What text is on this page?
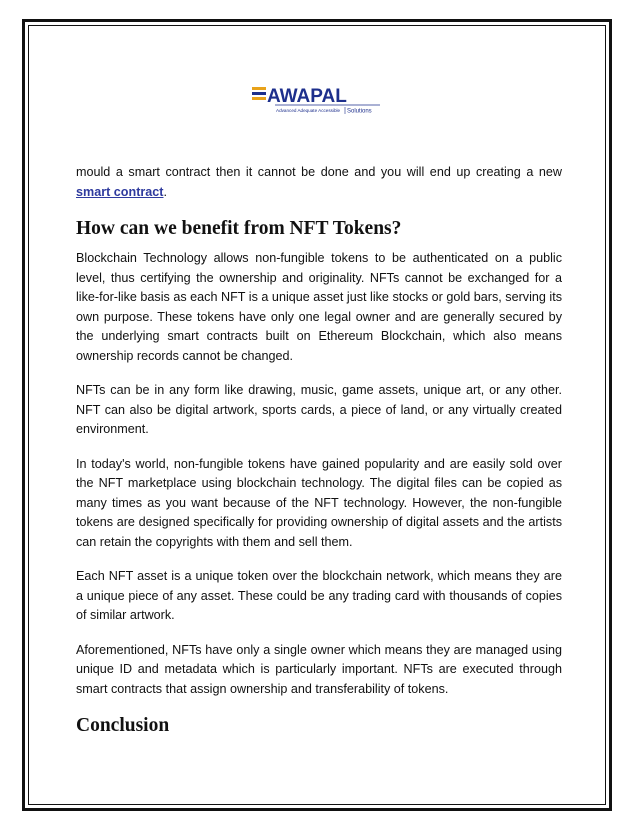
AWAPAL
Advanced Adequate Accessible Solutions

mould a smart contract then it cannot be done and you will end up creating a new smart contract.

How can we benefit from NFT Tokens?

Blockchain Technology allows non-fungible tokens to be authenticated on a public level, thus certifying the ownership and originality. NFTs cannot be exchanged for a like-for-like basis as each NFT is a unique asset just like stocks or gold bars, serving its own purpose. These tokens have only one legal owner and are generally secured by the underlying smart contracts built on Ethereum Blockchain, which also means ownership records cannot be changed.

NFTs can be in any form like drawing, music, game assets, unique art, or any other. NFT can also be digital artwork, sports cards, a piece of land, or any virtually created environment.

In today's world, non-fungible tokens have gained popularity and are easily sold over the NFT marketplace using blockchain technology. The digital files can be copied as many times as you want because of the NFT technology. However, the non-fungible tokens are designed specifically for providing ownership of digital assets and the artists can retain the copyrights with them and sell them.

Each NFT asset is a unique token over the blockchain network, which means they are a unique piece of any asset. These could be any trading card with thousands of copies of similar artwork.

Aforementioned, NFTs have only a single owner which means they are managed using unique ID and metadata which is particularly important. NFTs are executed through smart contracts that assign ownership and transferability of tokens.

Conclusion
